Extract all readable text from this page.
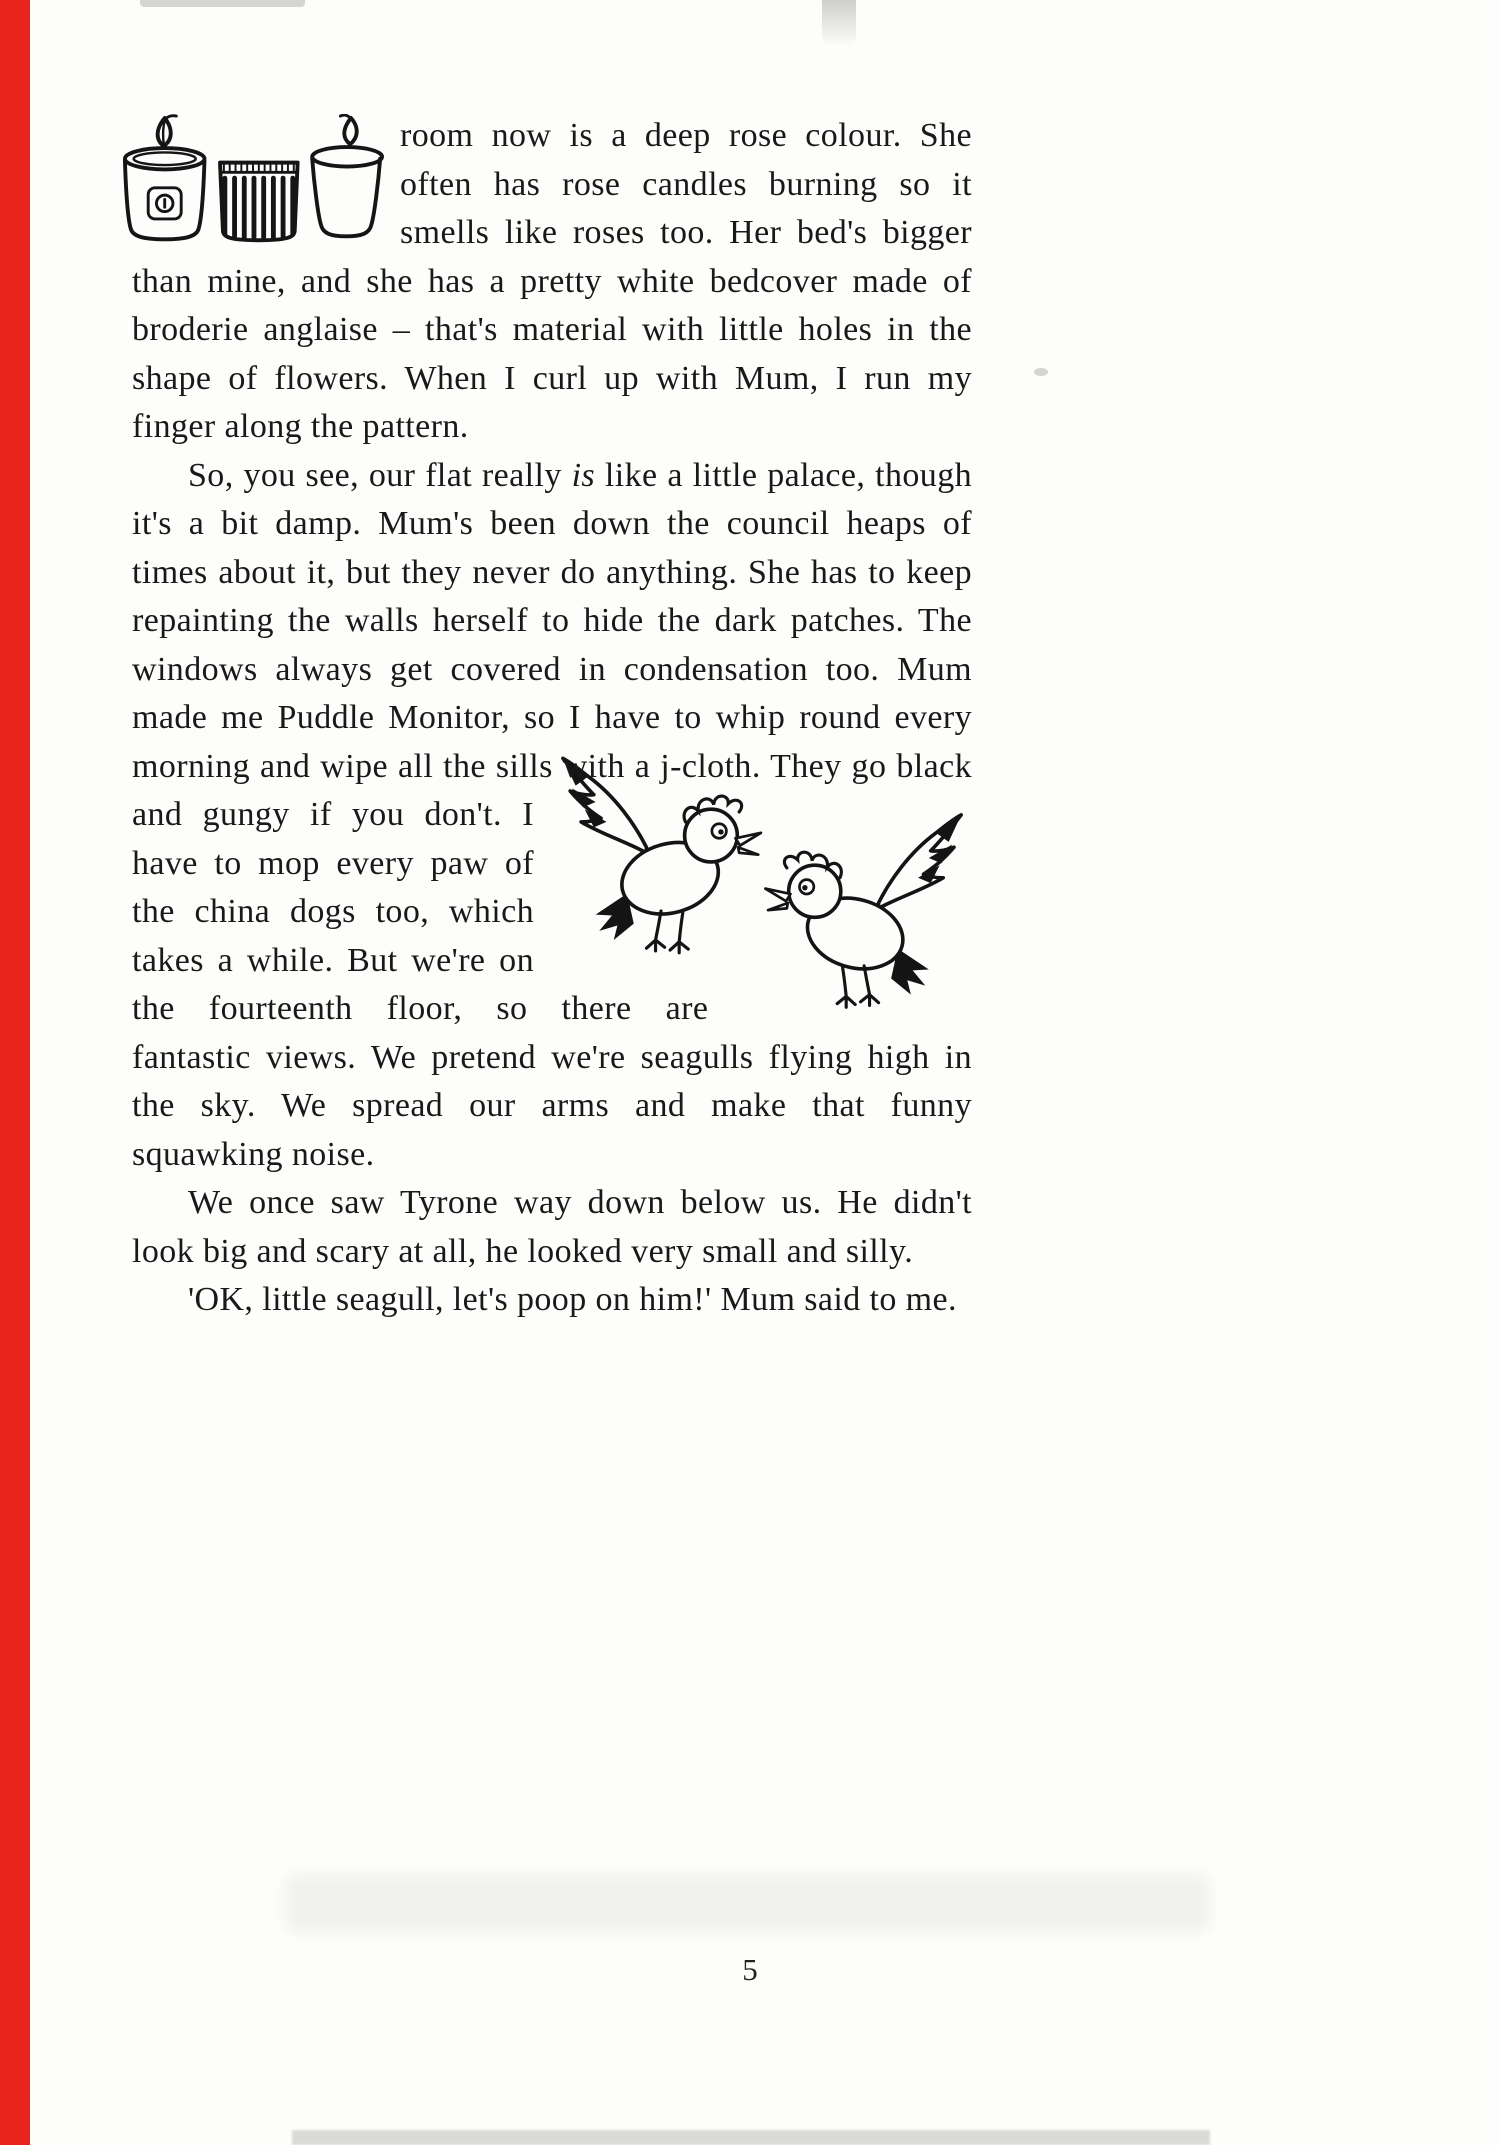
room now is a deep rose colour. She often has rose candles burning so it smells like roses too. Her bed's bigger than mine, and she has a pretty white bedcover made of broderie anglaise – that's material with little holes in the shape of flowers. When I curl up with Mum, I run my finger along the pattern.

So, you see, our flat really is like a little palace, though it's a bit damp. Mum's been down the council heaps of times about it, but they never do anything. She has to keep repainting the walls herself to hide the dark patches. The windows always get covered in condensation too. Mum made me Puddle Monitor, so I have to whip round every morning and wipe all the
sills with a j-cloth. They go black and gungy if you don't. I have to mop every paw of the china dogs too, which takes a while. But we're on the fourteenth floor, so there are fantastic views. We pretend we're seagulls flying high in the sky. We spread our arms and make that funny squawking noise.

We once saw Tyrone way down below us. He didn't look big and scary at all, he looked very small and silly.

'OK, little seagull, let's poop on him!' Mum said to me.

5
